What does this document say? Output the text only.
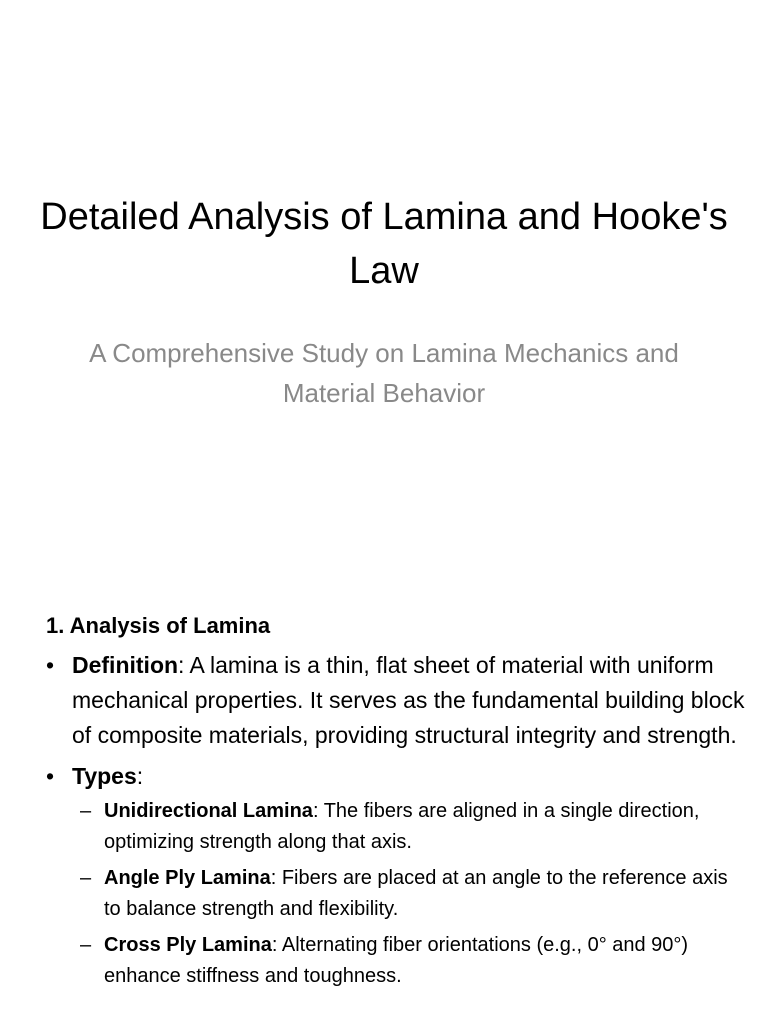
Detailed Analysis of Lamina and Hooke's Law

A Comprehensive Study on Lamina Mechanics and Material Behavior

1. Analysis of Lamina

• Definition: A lamina is a thin, flat sheet of material with uniform mechanical properties. It serves as the fundamental building block of composite materials, providing structural integrity and strength.
• Types:
– Unidirectional Lamina: The fibers are aligned in a single direction, optimizing strength along that axis.
– Angle Ply Lamina: Fibers are placed at an angle to the reference axis to balance strength and flexibility.
– Cross Ply Lamina: Alternating fiber orientations (e.g., 0° and 90°) enhance stiffness and toughness.
